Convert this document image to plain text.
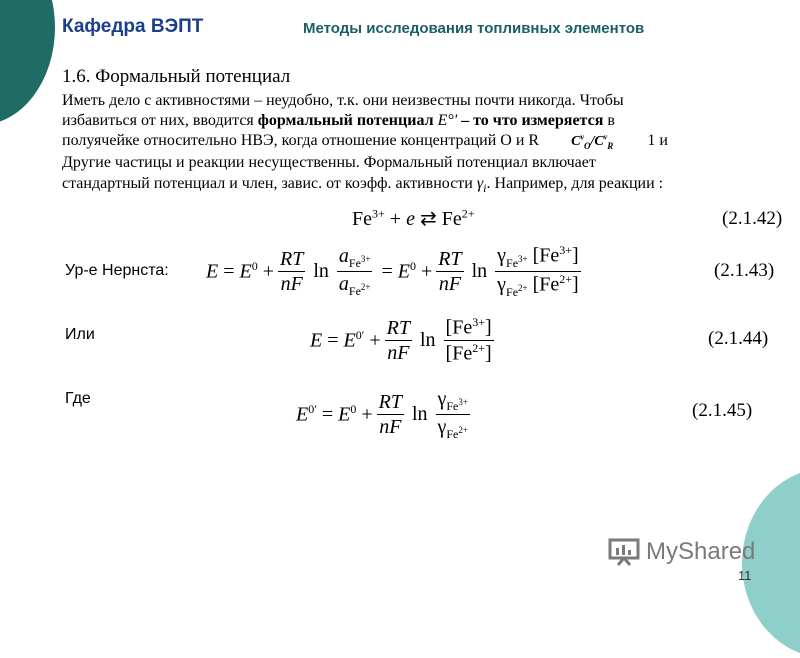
Кафедра ВЭПТ	Методы исследования топливных элементов
1.6. Формальный потенциал
Иметь дело с активностями – неудобно, т.к. они неизвестны почти никогда. Чтобы
избавиться от них, вводится формальный потенциал E°' – то что измеряется в
полуячейке относительно НВЭ, когда отношение концентраций O и R $C^\nu_O/C^\nu_R$ 1 и
Другие частицы и реакции несущественны. Формальный потенциал включает
стандартный потенциал и член, завис. от коэфф. активности $\gamma_i$. Например, для реакции :
$Fe^{3+} + e$ ⇄ $Fe^{2+}$	(2.1.42)
Ур-е Нернста: $E = E^0 + \frac{RT}{nF}$ $\ln \frac{a_{Fe^{3+}}}{a_{Fe^{2+}}} = E^0 + \frac{RT}{nF}$ $\ln \frac{\gamma_{Fe^{3+}} [Fe^{3+}]}{\gamma_{Fe^{2+}} [Fe^{2+}]}$	(2.1.43)
Или	$E = E^{0'} + \frac{RT}{nF}$ $\ln \frac{[Fe^{3+}]}{[Fe^{2+}]}$	(2.1.44)
Где
$E^{0'} = E^0 + \frac{RT}{nF}$ $\ln \frac{\gamma_{Fe^{3+}}}{\gamma_{Fe^{2+}}}$	(2.1.45)
MyShared
11
